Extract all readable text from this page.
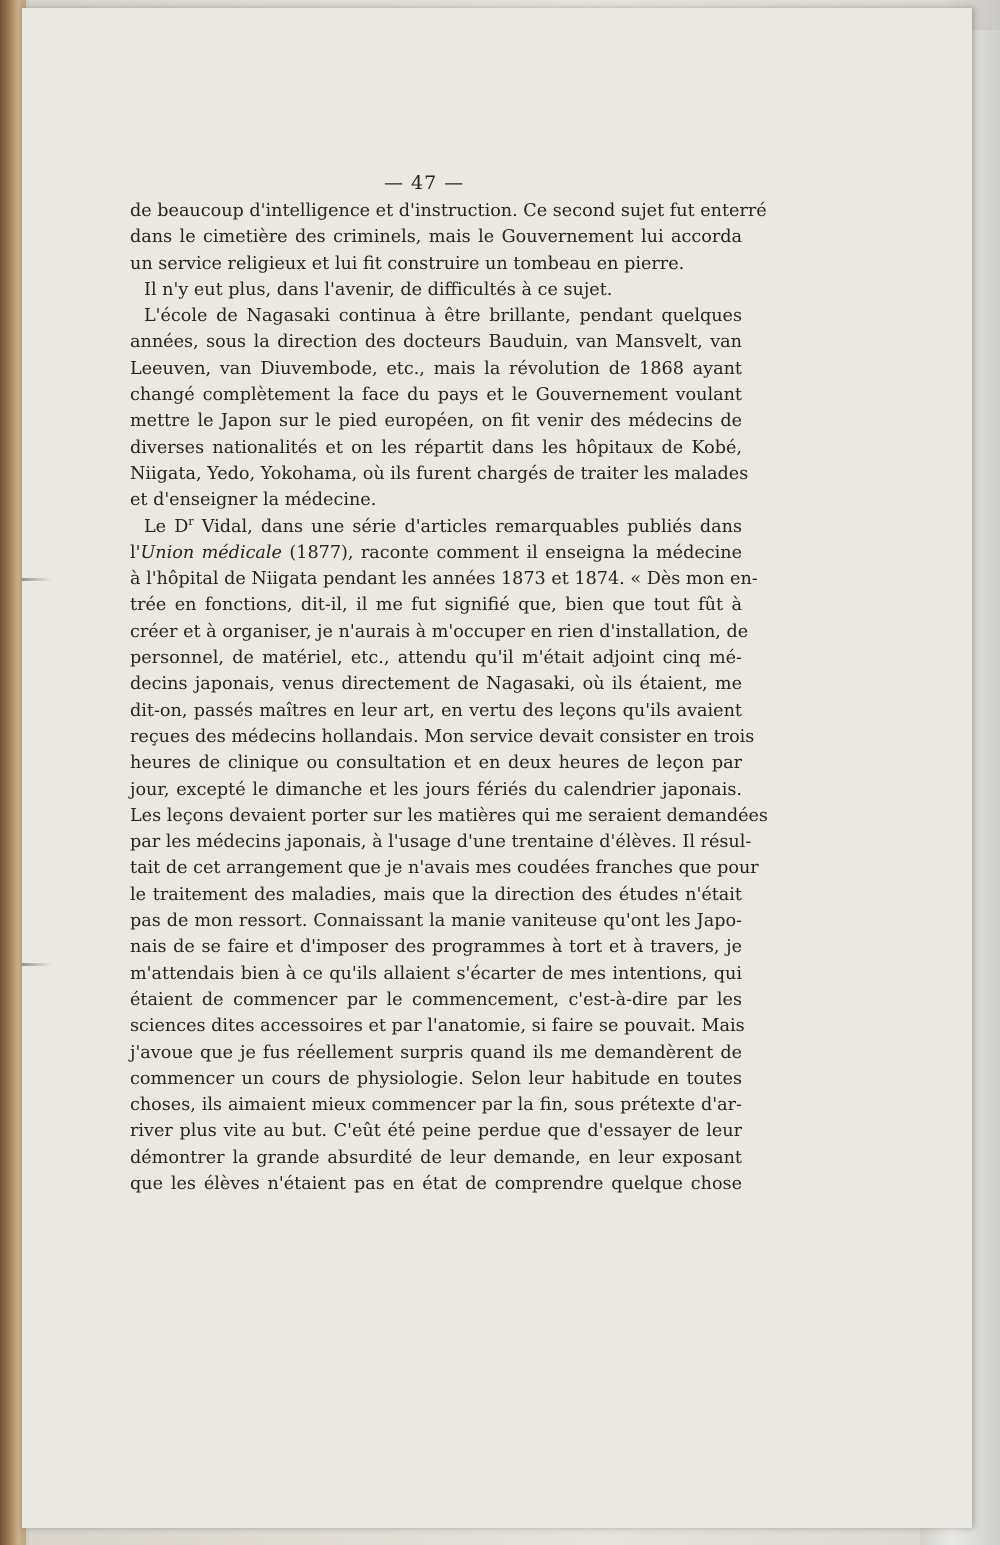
— 47 —
de beaucoup d'intelligence et d'instruction. Ce second sujet fut enterré
dans le cimetière des criminels, mais le Gouvernement lui accorda
un service religieux et lui fit construire un tombeau en pierre.
Il n'y eut plus, dans l'avenir, de difficultés à ce sujet.
L'école de Nagasaki continua à être brillante, pendant quelques
années, sous la direction des docteurs Bauduin, van Mansvelt, van
Leeuven, van Diuvembode, etc., mais la révolution de 1868 ayant
changé complètement la face du pays et le Gouvernement voulant
mettre le Japon sur le pied européen, on fit venir des médecins de
diverses nationalités et on les répartit dans les hôpitaux de Kobé,
Niigata, Yedo, Yokohama, où ils furent chargés de traiter les malades
et d'enseigner la médecine.
Le $D^r$ Vidal, dans une série d'articles remarquables publiés dans
l'Union médicale (1877), raconte comment il enseigna la médecine
à l'hôpital de Niigata pendant les années 1873 et 1874. « Dès mon en-
trée en fonctions, dit-il, il me fut signifié que, bien que tout fût à
créer et à organiser, je n'aurais à m'occuper en rien d'installation, de
personnel, de matériel, etc., attendu qu'il m'était adjoint cinq mé-
decins japonais, venus directement de Nagasaki, où ils étaient, me
dit-on, passés maîtres en leur art, en vertu des leçons qu'ils avaient
reçues des médecins hollandais. Mon service devait consister en trois
heures de clinique ou consultation et en deux heures de leçon par
jour, excepté le dimanche et les jours fériés du calendrier japonais.
Les leçons devaient porter sur les matières qui me seraient demandées
par les médecins japonais, à l'usage d'une trentaine d'élèves. Il résul-
tait de cet arrangement que je n'avais mes coudées franches que pour
le traitement des maladies, mais que la direction des études n'était
pas de mon ressort. Connaissant la manie vaniteuse qu'ont les Japo-
nais de se faire et d'imposer des programmes à tort et à travers, je
m'attendais bien à ce qu'ils allaient s'écarter de mes intentions, qui
étaient de commencer par le commencement, c'est-à-dire par les
sciences dites accessoires et par l'anatomie, si faire se pouvait. Mais
j'avoue que je fus réellement surpris quand ils me demandèrent de
commencer un cours de physiologie. Selon leur habitude en toutes
choses, ils aimaient mieux commencer par la fin, sous prétexte d'ar-
river plus vite au but. C'eût été peine perdue que d'essayer de leur
démontrer la grande absurdité de leur demande, en leur exposant
que les élèves n'étaient pas en état de comprendre quelque chose
